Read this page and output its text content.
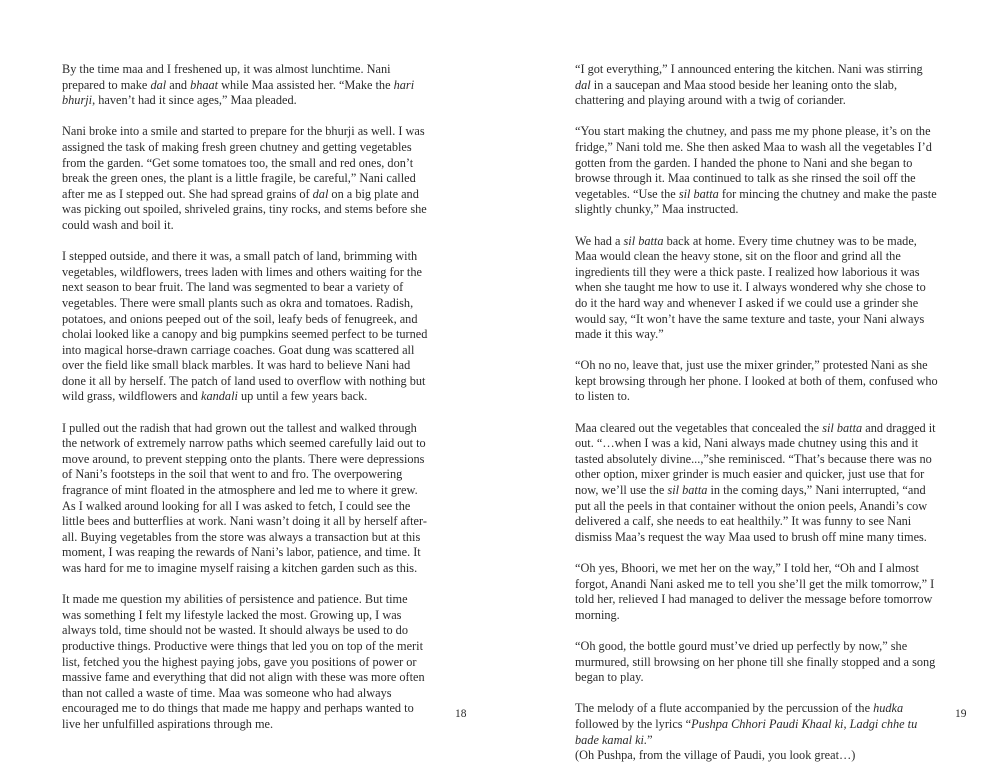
By the time maa and I freshened up, it was almost lunchtime. Nani prepared to make dal and bhaat while Maa assisted her. “Make the hari bhurji, haven’t had it since ages,” Maa pleaded.

Nani broke into a smile and started to prepare for the bhurji as well. I was assigned the task of making fresh green chutney and getting vegetables from the garden. “Get some tomatoes too, the small and red ones, don’t break the green ones, the plant is a little fragile, be careful,” Nani called after me as I stepped out. She had spread grains of dal on a big plate and was picking out spoiled, shriveled grains, tiny rocks, and stems before she could wash and boil it.

I stepped outside, and there it was, a small patch of land, brimming with vegetables, wildflowers, trees laden with limes and others waiting for the next season to bear fruit. The land was segmented to bear a variety of vegetables. There were small plants such as okra and tomatoes. Radish, potatoes, and onions peeped out of the soil, leafy beds of fenugreek, and cholai looked like a canopy and big pumpkins seemed perfect to be turned into magical horse-drawn carriage coaches. Goat dung was scattered all over the field like small black marbles. It was hard to believe Nani had done it all by herself. The patch of land used to overflow with nothing but wild grass, wildflowers and kandali up until a few years back.

I pulled out the radish that had grown out the tallest and walked through the network of extremely narrow paths which seemed carefully laid out to move around, to prevent stepping onto the plants. There were depressions of Nani’s footsteps in the soil that went to and fro. The overpowering fragrance of mint floated in the atmosphere and led me to where it grew. As I walked around looking for all I was asked to fetch, I could see the little bees and butterflies at work. Nani wasn’t doing it all by herself after-all. Buying vegetables from the store was always a transaction but at this moment, I was reaping the rewards of Nani’s labor, patience, and time. It was hard for me to imagine myself raising a kitchen garden such as this.

It made me question my abilities of persistence and patience. But time was something I felt my lifestyle lacked the most. Growing up, I was always told, time should not be wasted. It should always be used to do productive things. Productive were things that led you on top of the merit list, fetched you the highest paying jobs, gave you positions of power or massive fame and everything that did not align with these was more often than not called a waste of time. Maa was someone who had always encouraged me to do things that made me happy and perhaps wanted to live her unfulfilled aspirations through me.

18

“I got everything,” I announced entering the kitchen. Nani was stirring dal in a saucepan and Maa stood beside her leaning onto the slab, chattering and playing around with a twig of coriander.

“You start making the chutney, and pass me my phone please, it’s on the fridge,” Nani told me. She then asked Maa to wash all the vegetables I’d gotten from the garden. I handed the phone to Nani and she began to browse through it. Maa continued to talk as she rinsed the soil off the vegetables. “Use the sil batta for mincing the chutney and make the paste slightly chunky,” Maa instructed.

We had a sil batta back at home. Every time chutney was to be made, Maa would clean the heavy stone, sit on the floor and grind all the ingredients till they were a thick paste. I realized how laborious it was when she taught me how to use it. I always wondered why she chose to do it the hard way and whenever I asked if we could use a grinder she would say, “It won’t have the same texture and taste, your Nani always made it this way.”

“Oh no no, leave that, just use the mixer grinder,” protested Nani as she kept browsing through her phone. I looked at both of them, confused who to listen to.

Maa cleared out the vegetables that concealed the sil batta and dragged it out. “…when I was a kid, Nani always made chutney using this and it tasted absolutely divine...,”she reminisced. “That’s because there was no other option, mixer grinder is much easier and quicker, just use that for now, we’ll use the sil batta in the coming days,” Nani interrupted, “and put all the peels in that container without the onion peels, Anandi’s cow delivered a calf, she needs to eat healthily.” It was funny to see Nani dismiss Maa’s request the way Maa used to brush off mine many times.

“Oh yes, Bhoori, we met her on the way,” I told her, “Oh and I almost forgot, Anandi Nani asked me to tell you she’ll get the milk tomorrow,” I told her, relieved I had managed to deliver the message before tomorrow morning.

“Oh good, the bottle gourd must’ve dried up perfectly by now,” she murmured, still browsing on her phone till she finally stopped and a song began to play.

The melody of a flute accompanied by the percussion of the hudka followed by the lyrics “Pushpa Chhori Paudi Khaal ki, Ladgi chhe tu bade kamal ki.”
(Oh Pushpa, from the village of Paudi, you look great…)

19
